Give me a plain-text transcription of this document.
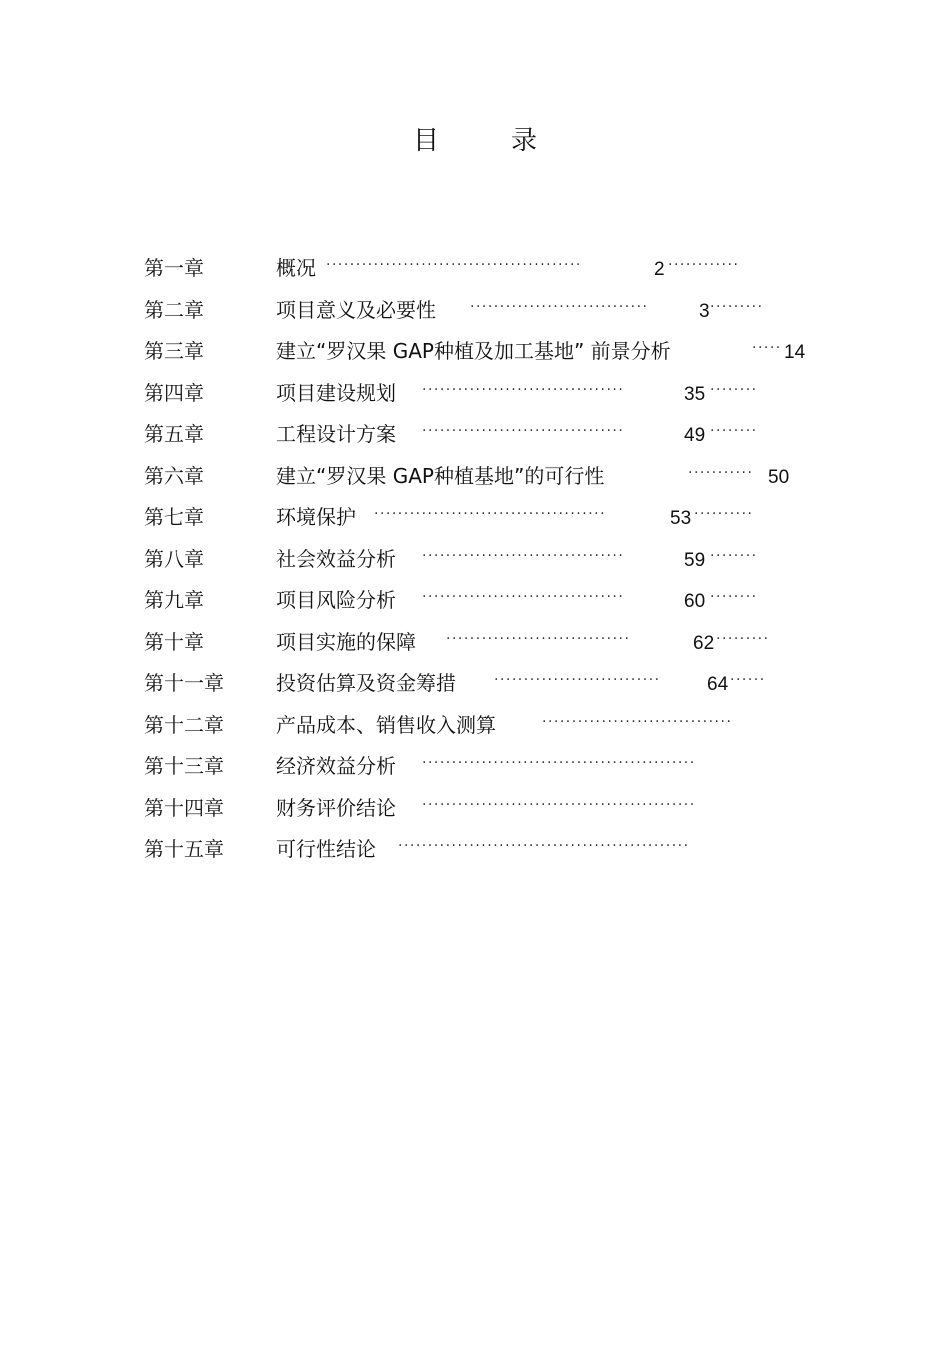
目	录
第一章	概况 ···········································	2 ············
第二章	项目意义及必要性 ······························	3 ·········
第三章	建立“罗汉果 GAP种植及加工基地” 前景分析	····· 14
第四章	项目建设规划 ··································	35 ········
第五章	工程设计方案 ··································	49 ········
第六章	建立“罗汉果 GAP种植基地”的可行性	··········· 50
第七章	环境保护 ·······································	53 ··········
第八章	社会效益分析 ··································	59 ········
第九章	项目风险分析 ··································	60 ········
第十章	项目实施的保障 ·······························	62 ·········
第十一章	投资估算及资金筹措	···························· 64 ······
第十二章	产品成本、销售收入测算	································
第十三章	经济效益分析 ··············································
第十四章	财务评价结论 ··············································
第十五章	可行性结论 ·················································
